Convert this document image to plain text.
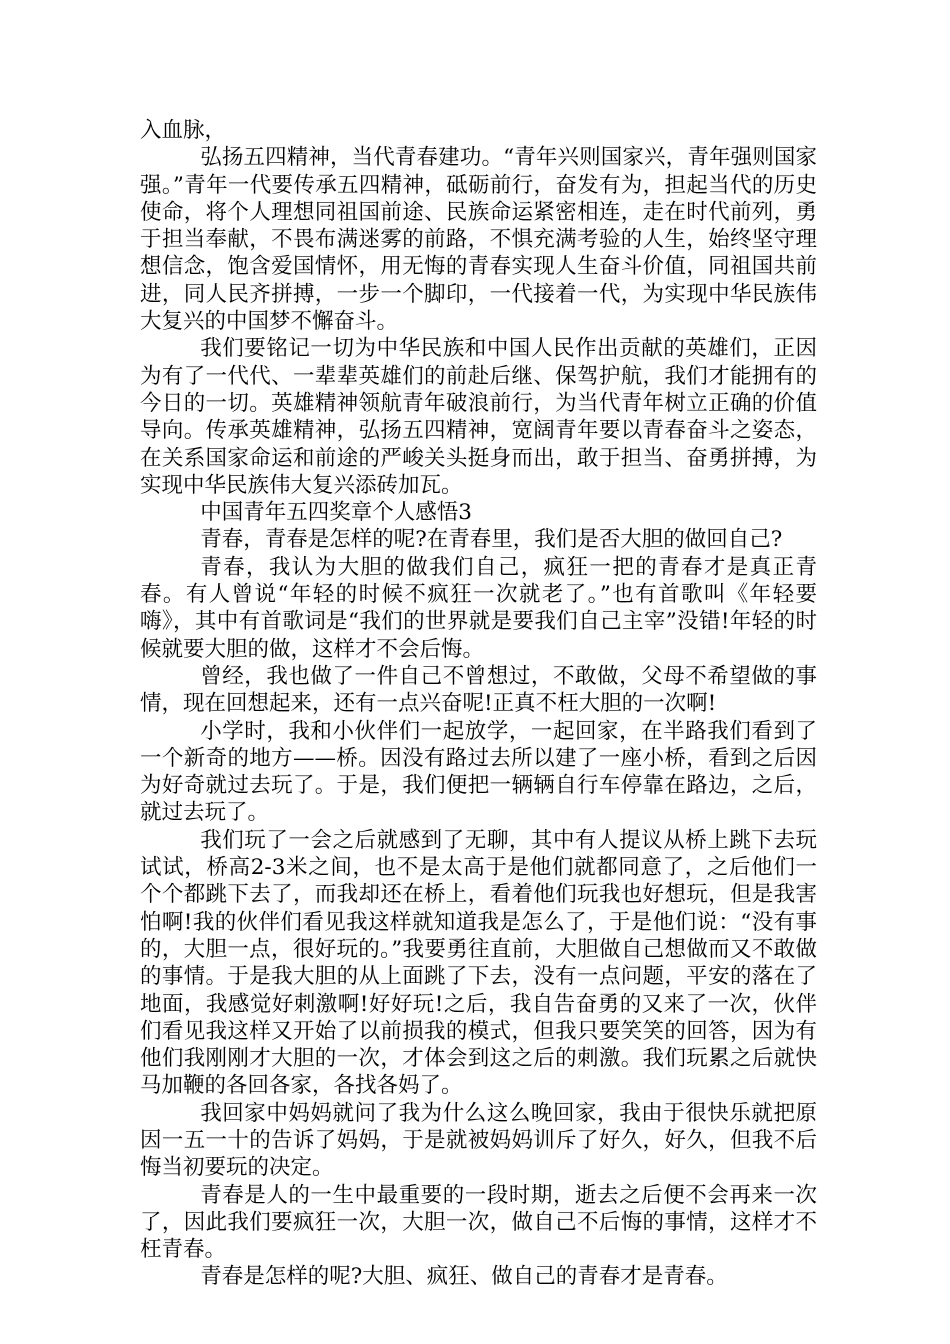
入血脉，

弘扬五四精神，当代青春建功。“青年兴则国家兴，青年强则国家强。”青年一代要传承五四精神，砥砺前行，奋发有为，担起当代的历史使命，将个人理想同祖国前途、民族命运紧密相连，走在时代前列，勇于担当奉献，不畏布满迷雾的前路，不惧充满考验的人生，始终坚守理想信念，饱含爱国情怀，用无悔的青春实现人生奋斗价值，同祖国共前进，同人民齐拼搏，一步一个脚印，一代接着一代，为实现中华民族伟大复兴的中国梦不懈奋斗。

我们要铭记一切为中华民族和中国人民作出贡献的英雄们，正因为有了一代代、一辈辈英雄们的前赴后继、保驾护航，我们才能拥有的今日的一切。英雄精神领航青年破浪前行，为当代青年树立正确的价值导向。传承英雄精神，弘扬五四精神，宽阔青年要以青春奋斗之姿态，在关系国家命运和前途的严峻关头挺身而出，敢于担当、奋勇拼搏，为实现中华民族伟大复兴添砖加瓦。

中国青年五四奖章个人感悟3

青春，青春是怎样的呢?在青春里，我们是否大胆的做回自己?

青春，我认为大胆的做我们自己，疯狂一把的青春才是真正青春。有人曾说“年轻的时候不疯狂一次就老了。”也有首歌叫《年轻要嗨》，其中有首歌词是“我们的世界就是要我们自己主宰”没错!年轻的时候就要大胆的做，这样才不会后悔。

曾经，我也做了一件自己不曾想过，不敢做，父母不希望做的事情，现在回想起来，还有一点兴奋呢!正真不枉大胆的一次啊!

小学时，我和小伙伴们一起放学，一起回家，在半路我们看到了一个新奇的地方——桥。因没有路过去所以建了一座小桥，看到之后因为好奇就过去玩了。于是，我们便把一辆辆自行车停靠在路边，之后，就过去玩了。

我们玩了一会之后就感到了无聊，其中有人提议从桥上跳下去玩试试，桥高2-3米之间，也不是太高于是他们就都同意了，之后他们一个个都跳下去了，而我却还在桥上，看着他们玩我也好想玩，但是我害怕啊!我的伙伴们看见我这样就知道我是怎么了，于是他们说：“没有事的，大胆一点，很好玩的。”我要勇往直前，大胆做自己想做而又不敢做的事情。于是我大胆的从上面跳了下去，没有一点问题，平安的落在了地面，我感觉好刺激啊!好好玩!之后，我自告奋勇的又来了一次，伙伴们看见我这样又开始了以前损我的模式，但我只要笑笑的回答，因为有他们我刚刚才大胆的一次，才体会到这之后的刺激。我们玩累之后就快马加鞭的各回各家，各找各妈了。

我回家中妈妈就问了我为什么这么晚回家，我由于很快乐就把原因一五一十的告诉了妈妈，于是就被妈妈训斥了好久，好久，但我不后悔当初要玩的决定。

青春是人的一生中最重要的一段时期，逝去之后便不会再来一次了，因此我们要疯狂一次，大胆一次，做自己不后悔的事情，这样才不枉青春。

青春是怎样的呢?大胆、疯狂、做自己的青春才是青春。
